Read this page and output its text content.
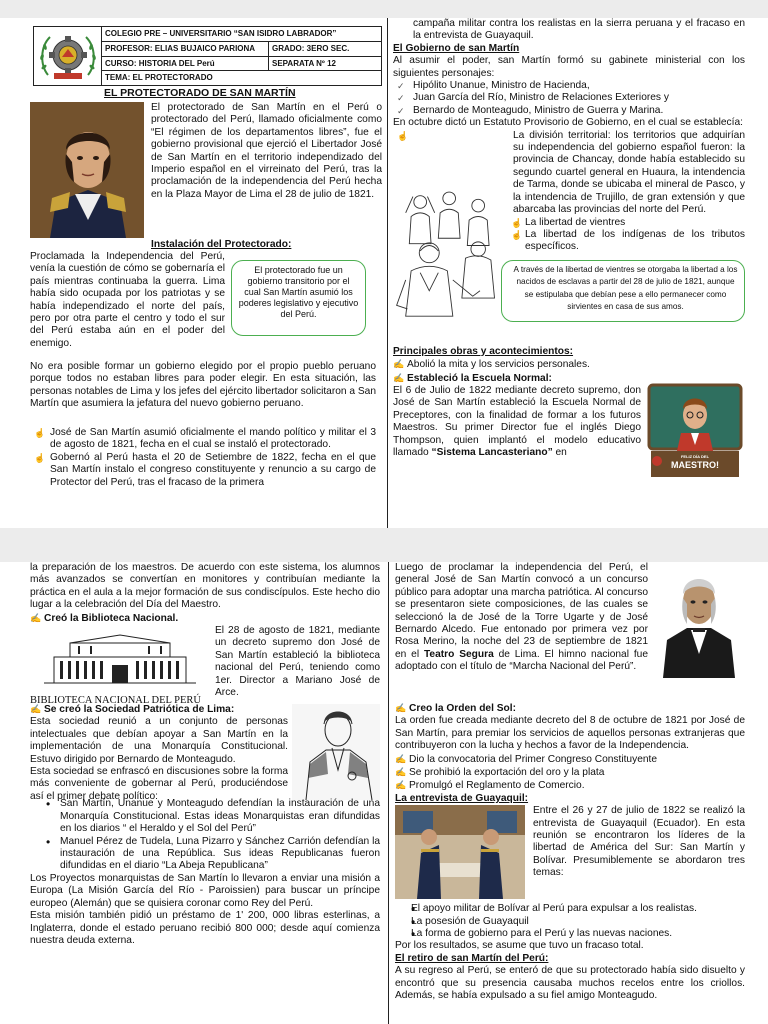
COLEGIO PRE – UNIVERSITARIO “SAN ISIDRO LABRADOR”
PROFESOR: ELIAS BUJAICO PARIONA	GRADO: 3ERO SEC.
CURSO: HISTORIA DEL Perú	SEPARATA Nº 12
TEMA: EL PROTECTORADO
EL PROTECTORADO DE SAN MARTÍN

El protectorado de San Martín en el Perú o protectorado del Perú, llamado oficialmente como “El régimen de los departamentos libres”, fue el gobierno provisional que ejerció el Libertador José de San Martín en el territorio independizado del Imperio español en el virreinato del Perú, tras la proclamación de la independencia del Perú hecha en la Plaza Mayor de Lima el 28 de julio de 1821.

Instalación del Protectorado:

Proclamada la Independencia del Perú, venía la cuestión de cómo se gobernaría el país mientras continuaba la guerra. Lima había sido ocupada por los patriotas y se había independizado el norte del país, pero por otra parte el centro y todo el sur del Perú estaba aún en el poder del enemigo.

El protectorado fue un gobierno transitorio por el cual San Martín asumió los poderes legislativo y ejecutivo del Perú.

No era posible formar un gobierno elegido por el propio pueblo peruano porque todos no estaban libres para poder elegir. En esta situación, las personas notables de Lima y los jefes del ejército libertador solicitaron a San Martín que asumiera la jefatura del nuevo gobierno peruano.

☝ José de San Martín asumió oficialmente el mando político y militar el 3 de agosto de 1821, fecha en el cual se instaló el protectorado.
☝ Gobernó al Perú hasta el 20 de Setiembre de 1822, fecha en el que San Martín instalo el congreso constituyente y renuncio a su cargo de Protector del Perú, tras el fracaso de la primera

campaña militar contra los realistas en la sierra peruana y el fracaso en la entrevista de Guayaquil.

El Gobierno de san Martín

Al asumir el poder, san Martín formó su gabinete ministerial con los siguientes personajes:

✓ Hipólito Unanue, Ministro de Hacienda,
✓ Juan García del Río, Ministro de Relaciones Exteriores y
✓ Bernardo de Monteagudo, Ministro de Guerra y Marina.

En octubre dictó un Estatuto Provisorio de Gobierno, en el cual se establecía:

☝	La división territorial: los territorios que adquirían su independencia del gobierno español fueron: la provincia de Chancay, donde había establecido su segundo cuartel general en Huaura, la intendencia de Tarma, donde se ubicaba el mineral de Pasco, y la intendencia de Trujillo, de gran extensión y que abarcaba las provincias del norte del Perú.
☝ La libertad de vientres
☝ La libertad de los indígenas de los tributos específicos.
A través de la libertad de vientres se otorgaba la libertad a los nacidos de esclavas a partir del 28 de julio de 1821, aunque se estipulaba que debían pese a ello permanecer como sirvientes en casa de sus amos.
Principales obras y acontecimientos:
✍ Abolió la mita y los servicios personales.
✍ Estableció la Escuela Normal:

El 6 de Julio de 1822 mediante decreto supremo, don José de San Martín estableció la Escuela Normal de Preceptores, con la finalidad de formar a los futuros Maestros. Su primer Director fue el inglés Diego Thompson, quien implantó el modelo educativo llamado “Sistema Lancasteriano” en	FELIZ DÍA DEL
MAESTRO!

la preparación de los maestros. De acuerdo con este sistema, los alumnos más avanzados se convertían en monitores y contribuían mediante la práctica en el aula a la mejor formación de sus condiscípulos. Este hecho dio lugar a la celebración del Día del Maestro.

✍ Creó la Biblioteca Nacional.
BIBLIOTECA NACIONAL DEL PERÚ

El 28 de agosto de 1821, mediante un decreto supremo don José de San Martín estableció la biblioteca nacional del Perú, teniendo como 1er. Director a Mariano José de Arce.

✍ Se creó la Sociedad Patriótica de Lima:

Esta sociedad reunió a un conjunto de personas intelectuales que debían apoyar a San Martín en la implementación de una Monarquía Constitucional. Estuvo dirigido por Bernardo de Monteagudo.

Esta sociedad se enfrascó en discusiones sobre la forma más conveniente de gobernar al Perú, produciéndose así el primer debate político:

• San Martín, Unanue y Monteagudo defendían la instauración de una Monarquía Constitucional. Estas ideas Monarquistas eran difundidas en los diarios “ el Heraldo y el Sol del Perú”
• Manuel Pérez de Tudela, Luna Pizarro y Sánchez Carrión defendían la instauración de una República. Sus ideas Republicanas fueron difundidas en el diario “La Abeja Republicana”

Los Proyectos monarquistas de San Martín lo llevaron a enviar una misión a Europa (La Misión García del Río - Paroissien) para buscar un príncipe europeo (Alemán) que se quisiera coronar como Rey del Perú.

Esta misión también pidió un préstamo de 1' 200, 000 libras esterlinas, a Inglaterra, donde el estado peruano recibió 800 000; desde aquí comienza nuestra deuda externa.

Luego de proclamar la independencia del Perú, el general José de San Martín convocó a un concurso público para adoptar una marcha patriótica. Al concurso se presentaron siete composiciones, de las cuales se seleccionó la de José de la Torre Ugarte y de José Bernardo Alcedo. Fue entonado por primera vez por Rosa Merino, la noche del 23 de septiembre de 1821 en el Teatro Segura de Lima. El himno nacional fue adoptado con el título de “Marcha Nacional del Perú”.

✍ Creo la Orden del Sol:

La orden fue creada mediante decreto del 8 de octubre de 1821 por José de San Martín, para premiar los servicios de aquellos personas extranjeras que contribuyeron con la lucha y hechos a favor de la Independencia.

✍ Dio la convocatoria del Primer Congreso Constituyente
✍ Se prohibió la exportación del oro y la plata
✍ Promulgó el Reglamento de Comercio.
La entrevista de Guayaquil:

Entre el 26 y 27 de julio de 1822 se realizó la entrevista de Guayaquil (Ecuador). En esta reunión se encontraron los líderes de la libertad de América del Sur: San Martín y Bolívar. Presumiblemente se abordaron tres temas:

• El apoyo militar de Bolívar al Perú para expulsar a los realistas.
• La posesión de Guayaquil
• La forma de gobierno para el Perú y las nuevas naciones.

Por los resultados, se asume que tuvo un fracaso total.

El retiro de san Martín del Perú:

A su regreso al Perú, se enteró de que su protectorado había sido disuelto y encontró que su presencia causaba muchos recelos entre los criollos. Además, se había expulsado a su fiel amigo Monteagudo.
